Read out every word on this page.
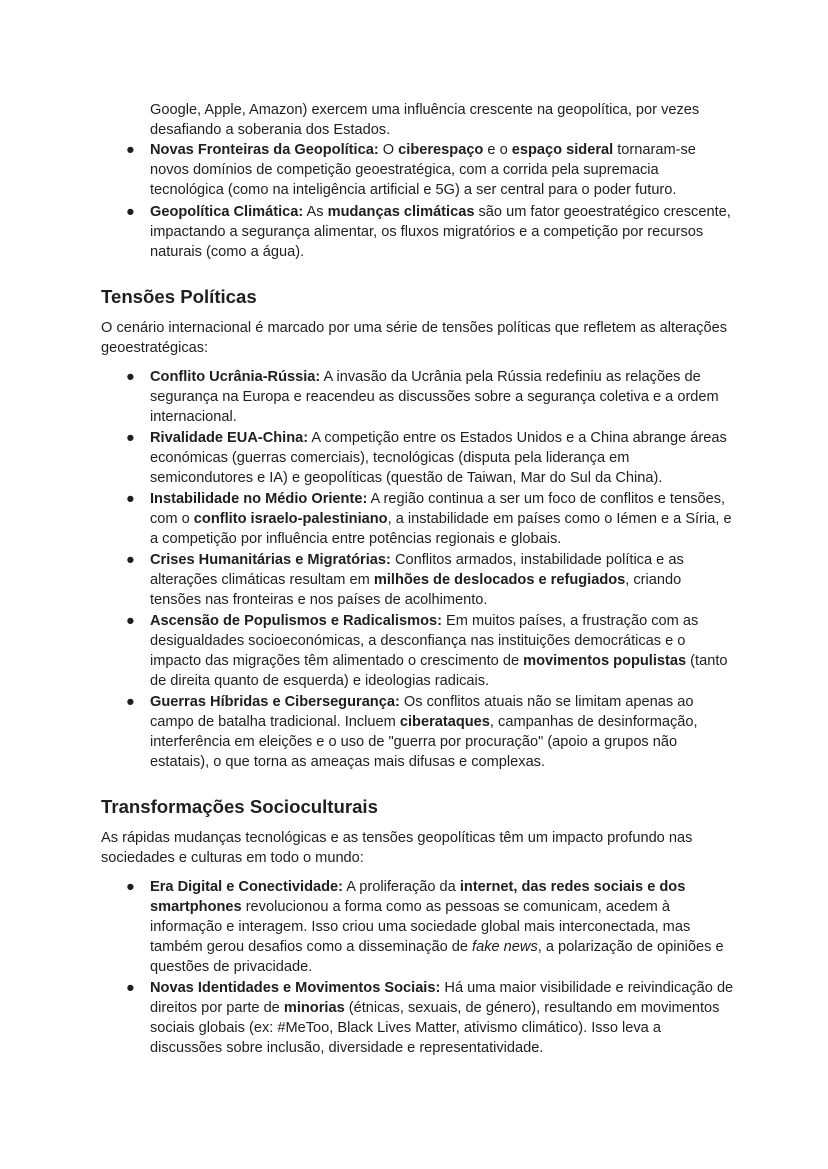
Google, Apple, Amazon) exercem uma influência crescente na geopolítica, por vezes desafiando a soberania dos Estados.
●	Novas Fronteiras da Geopolítica: O ciberespaço e o espaço sideral tornaram-se novos domínios de competição geoestratégica, com a corrida pela supremacia tecnológica (como na inteligência artificial e 5G) a ser central para o poder futuro.
●	Geopolítica Climática: As mudanças climáticas são um fator geoestratégico crescente, impactando a segurança alimentar, os fluxos migratórios e a competição por recursos naturais (como a água).
Tensões Políticas
O cenário internacional é marcado por uma série de tensões políticas que refletem as alterações geoestratégicas:
●	Conflito Ucrânia-Rússia: A invasão da Ucrânia pela Rússia redefiniu as relações de segurança na Europa e reacendeu as discussões sobre a segurança coletiva e a ordem internacional.
●	Rivalidade EUA-China: A competição entre os Estados Unidos e a China abrange áreas económicas (guerras comerciais), tecnológicas (disputa pela liderança em semicondutores e IA) e geopolíticas (questão de Taiwan, Mar do Sul da China).
●	Instabilidade no Médio Oriente: A região continua a ser um foco de conflitos e tensões, com o conflito israelo-palestiniano, a instabilidade em países como o Iémen e a Síria, e a competição por influência entre potências regionais e globais.
●	Crises Humanitárias e Migratórias: Conflitos armados, instabilidade política e as alterações climáticas resultam em milhões de deslocados e refugiados, criando tensões nas fronteiras e nos países de acolhimento.
●	Ascensão de Populismos e Radicalismos: Em muitos países, a frustração com as desigualdades socioeconómicas, a desconfiança nas instituições democráticas e o impacto das migrações têm alimentado o crescimento de movimentos populistas (tanto de direita quanto de esquerda) e ideologias radicais.
●	Guerras Híbridas e Cibersegurança: Os conflitos atuais não se limitam apenas ao campo de batalha tradicional. Incluem ciberataques, campanhas de desinformação, interferência em eleições e o uso de "guerra por procuração" (apoio a grupos não estatais), o que torna as ameaças mais difusas e complexas.
Transformações Socioculturais
As rápidas mudanças tecnológicas e as tensões geopolíticas têm um impacto profundo nas sociedades e culturas em todo o mundo:
●	Era Digital e Conectividade: A proliferação da internet, das redes sociais e dos smartphones revolucionou a forma como as pessoas se comunicam, acedem à informação e interagem. Isso criou uma sociedade global mais interconectada, mas também gerou desafios como a disseminação de fake news, a polarização de opiniões e questões de privacidade.
●	Novas Identidades e Movimentos Sociais: Há uma maior visibilidade e reivindicação de direitos por parte de minorias (étnicas, sexuais, de género), resultando em movimentos sociais globais (ex: #MeToo, Black Lives Matter, ativismo climático). Isso leva a discussões sobre inclusão, diversidade e representatividade.
